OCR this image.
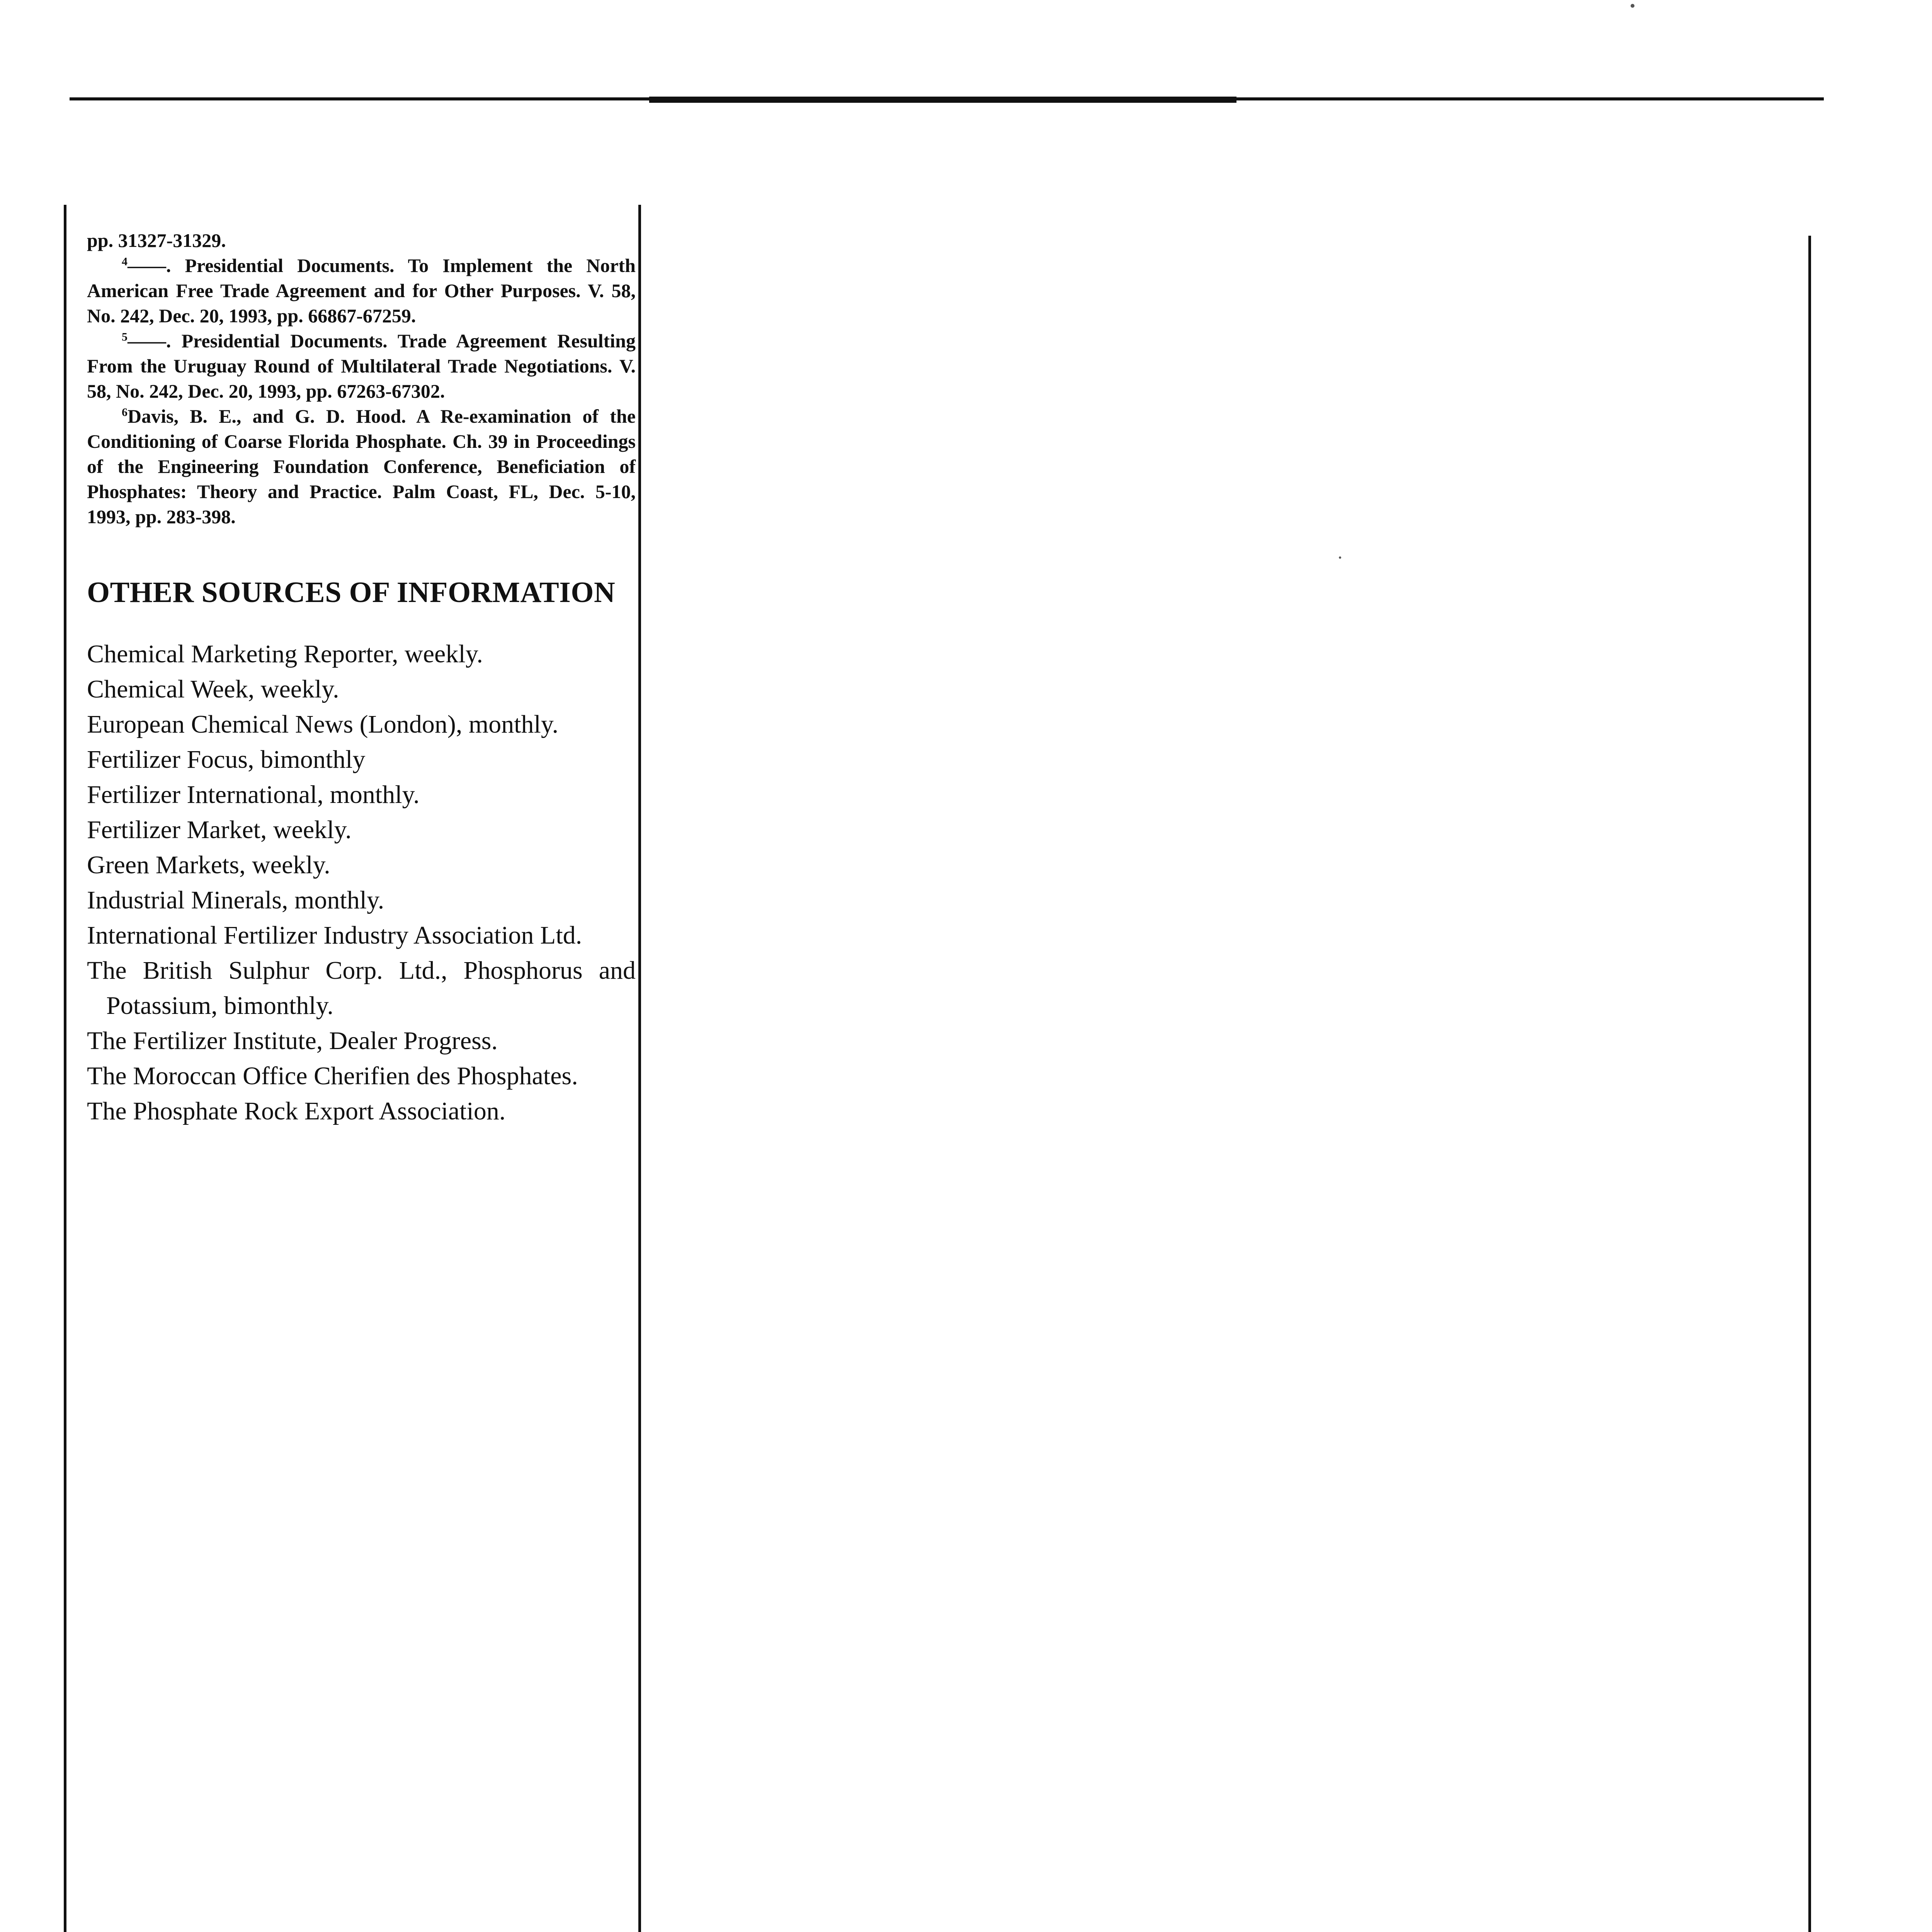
pp. 31327-31329.

$^4$——. Presidential Documents. To Implement the North American Free Trade Agreement and for Other Purposes. V. 58, No. 242, Dec. 20, 1993, pp. 66867-67259.

$^5$——. Presidential Documents. Trade Agreement Resulting From the Uruguay Round of Multilateral Trade Negotiations. V. 58, No. 242, Dec. 20, 1993, pp. 67263-67302.

$^6$Davis, B. E., and G. D. Hood. A Re-examination of the Conditioning of Coarse Florida Phosphate. Ch. 39 in Proceedings of the Engineering Foundation Conference, Beneficiation of Phosphates: Theory and Practice. Palm Coast, FL, Dec. 5-10, 1993, pp. 283-398.

OTHER SOURCES OF INFORMATION
Chemical Marketing Reporter, weekly.
Chemical Week, weekly.
European Chemical News (London), monthly.
Fertilizer Focus, bimonthly
Fertilizer International, monthly.
Fertilizer Market, weekly.
Green Markets, weekly.
Industrial Minerals, monthly.
International Fertilizer Industry Association Ltd.
The British Sulphur Corp. Ltd., Phosphorus and Potassium, bimonthly.
The Fertilizer Institute, Dealer Progress.
The Moroccan Office Cherifien des Phosphates.
The Phosphate Rock Export Association.
